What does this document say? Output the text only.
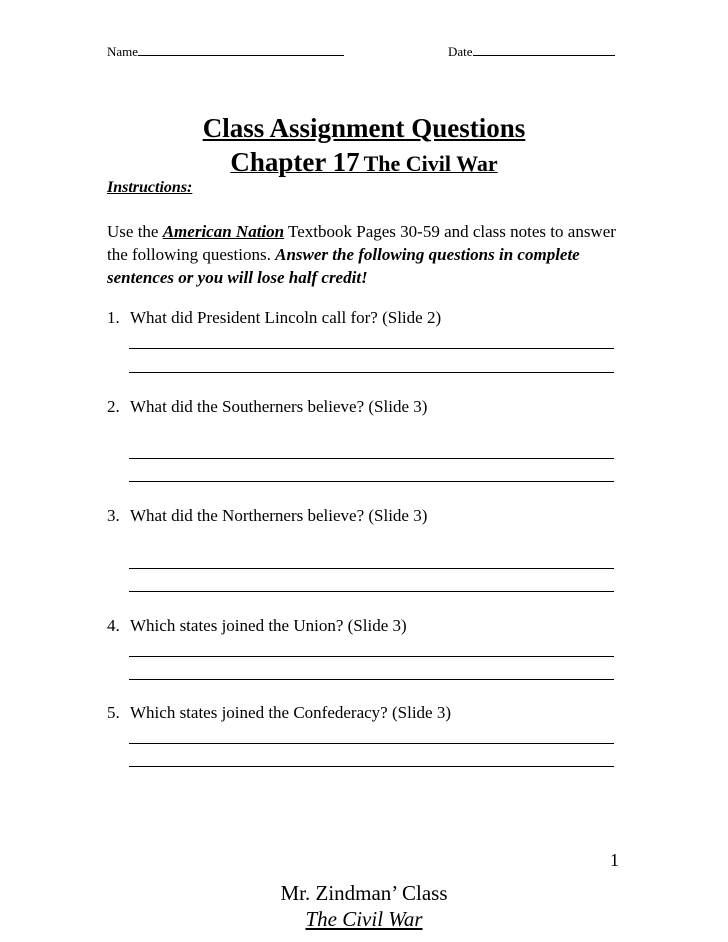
Name	Date
Class Assignment Questions
Chapter 17 The Civil War
Instructions:
Use the American Nation Textbook Pages 30-59 and class notes to answer the following questions. Answer the following questions in complete sentences or you will lose half credit!
1. What did President Lincoln call for? (Slide 2)
2. What did the Southerners believe? (Slide 3)
3. What did the Northerners believe? (Slide 3)
4. Which states joined the Union? (Slide 3)
5. Which states joined the Confederacy? (Slide 3)
1
Mr. Zindman’ Class
The Civil War
